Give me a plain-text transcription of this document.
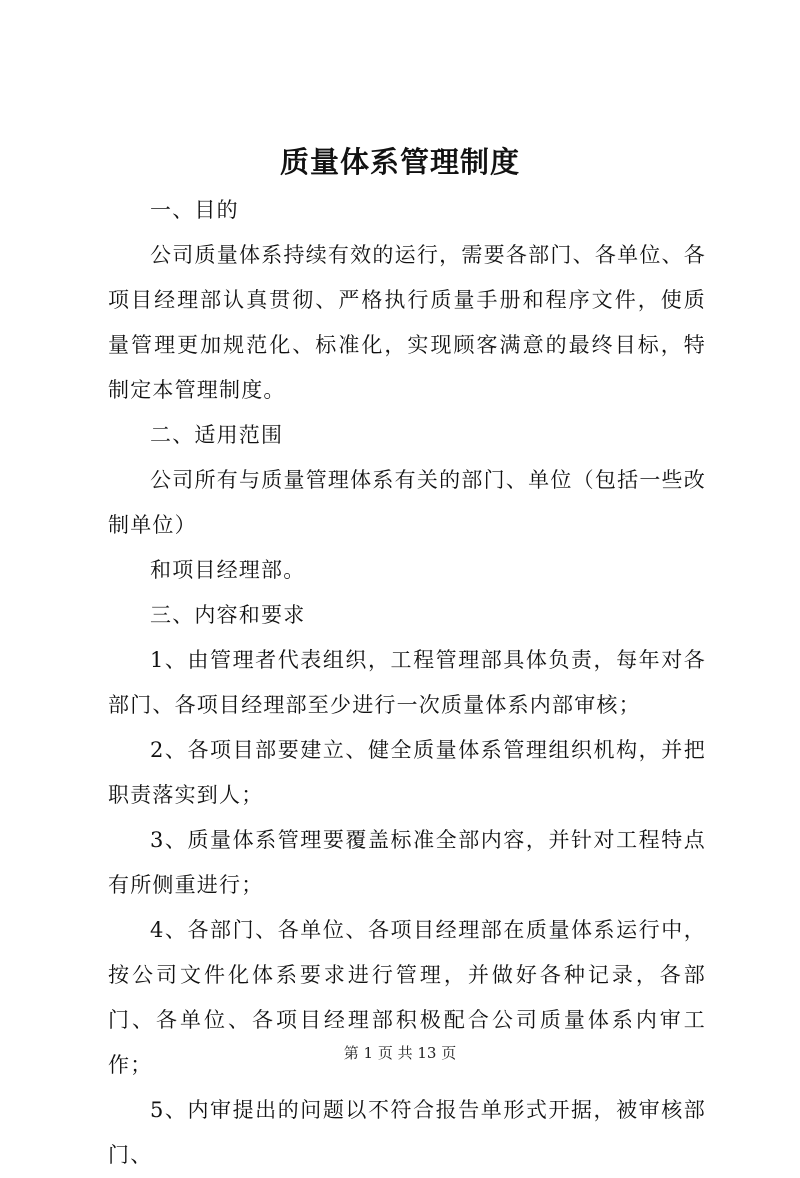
质量体系管理制度

一、目的

公司质量体系持续有效的运行，需要各部门、各单位、各项目经理部认真贯彻、严格执行质量手册和程序文件，使质量管理更加规范化、标准化，实现顾客满意的最终目标，特制定本管理制度。

二、适用范围

公司所有与质量管理体系有关的部门、单位（包括一些改制单位）

和项目经理部。

三、内容和要求

1、由管理者代表组织，工程管理部具体负责，每年对各部门、各项目经理部至少进行一次质量体系内部审核；

2、各项目部要建立、健全质量体系管理组织机构，并把职责落实到人；

3、质量体系管理要覆盖标准全部内容，并针对工程特点有所侧重进行；

4、各部门、各单位、各项目经理部在质量体系运行中，按公司文件化体系要求进行管理，并做好各种记录，各部门、各单位、各项目经理部积极配合公司质量体系内审工作；

5、内审提出的问题以不符合报告单形式开据，被审核部门、

第 1 页 共 13 页
